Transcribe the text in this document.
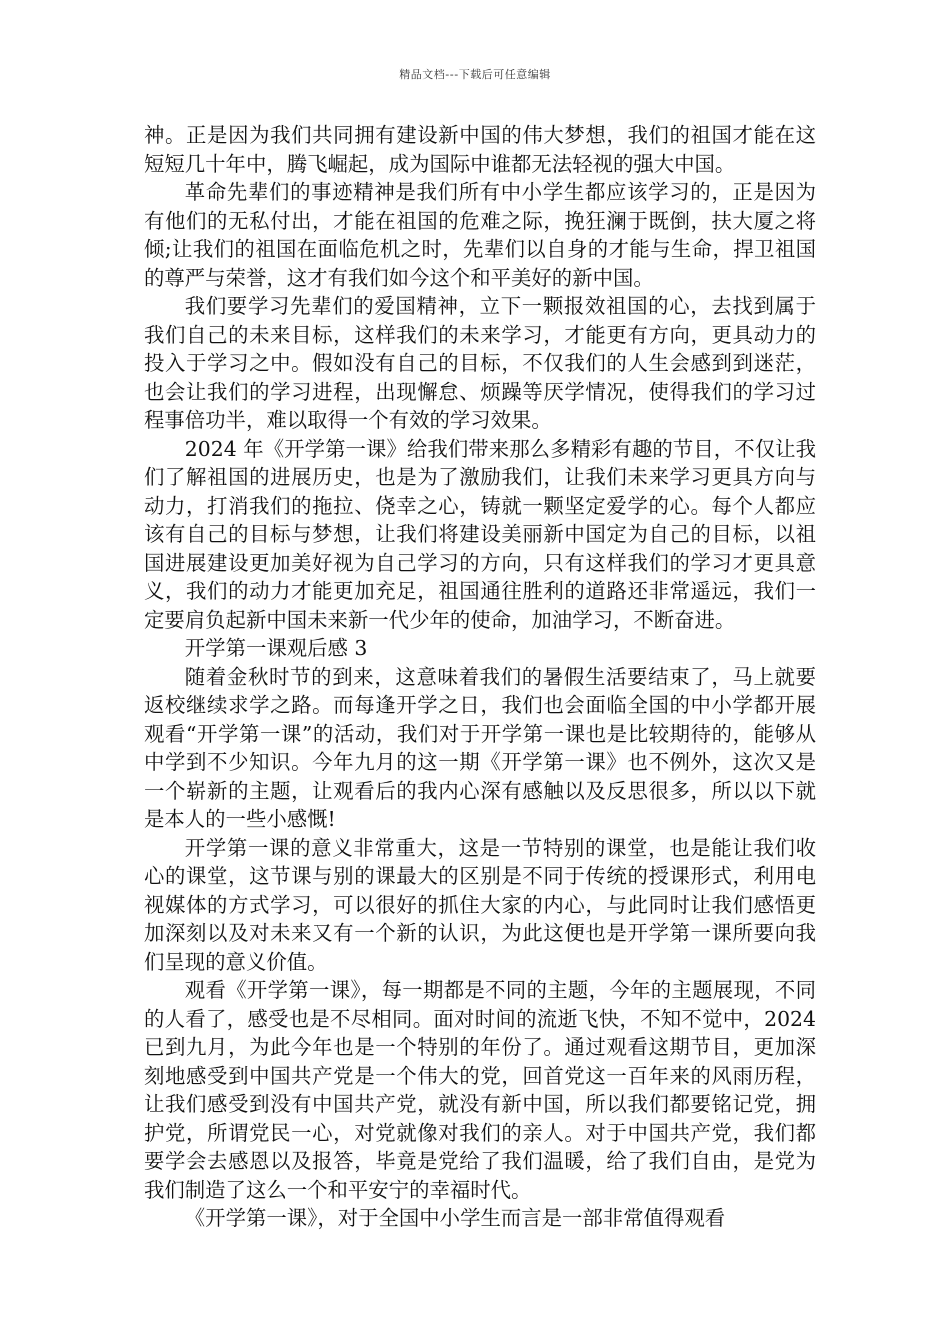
精品文档---下载后可任意编辑

神。正是因为我们共同拥有建设新中国的伟大梦想，我们的祖国才能在这短短几十年中，腾飞崛起，成为国际中谁都无法轻视的强大中国。

革命先辈们的事迹精神是我们所有中小学生都应该学习的，正是因为有他们的无私付出，才能在祖国的危难之际，挽狂澜于既倒，扶大厦之将倾;让我们的祖国在面临危机之时，先辈们以自身的才能与生命，捍卫祖国的尊严与荣誉，这才有我们如今这个和平美好的新中国。

我们要学习先辈们的爱国精神，立下一颗报效祖国的心，去找到属于我们自己的未来目标，这样我们的未来学习，才能更有方向，更具动力的投入于学习之中。假如没有自己的目标，不仅我们的人生会感到到迷茫，也会让我们的学习进程，出现懈怠、烦躁等厌学情况，使得我们的学习过程事倍功半，难以取得一个有效的学习效果。

2024 年《开学第一课》给我们带来那么多精彩有趣的节目，不仅让我们了解祖国的进展历史，也是为了激励我们，让我们未来学习更具方向与动力，打消我们的拖拉、侥幸之心，铸就一颗坚定爱学的心。每个人都应该有自己的目标与梦想，让我们将建设美丽新中国定为自己的目标，以祖国进展建设更加美好视为自己学习的方向，只有这样我们的学习才更具意义，我们的动力才能更加充足，祖国通往胜利的道路还非常遥远，我们一定要肩负起新中国未来新一代少年的使命，加油学习，不断奋进。

开学第一课观后感 3

随着金秋时节的到来，这意味着我们的暑假生活要结束了，马上就要返校继续求学之路。而每逢开学之日，我们也会面临全国的中小学都开展观看“开学第一课”的活动，我们对于开学第一课也是比较期待的，能够从中学到不少知识。今年九月的这一期《开学第一课》也不例外，这次又是一个崭新的主题，让观看后的我内心深有感触以及反思很多，所以以下就是本人的一些小感慨!

开学第一课的意义非常重大，这是一节特别的课堂，也是能让我们收心的课堂，这节课与别的课最大的区别是不同于传统的授课形式，利用电视媒体的方式学习，可以很好的抓住大家的内心，与此同时让我们感悟更加深刻以及对未来又有一个新的认识，为此这便也是开学第一课所要向我们呈现的意义价值。

观看《开学第一课》，每一期都是不同的主题，今年的主题展现，不同的人看了，感受也是不尽相同。面对时间的流逝飞快，不知不觉中，2024 已到九月，为此今年也是一个特别的年份了。通过观看这期节目，更加深刻地感受到中国共产党是一个伟大的党，回首党这一百年来的风雨历程，让我们感受到没有中国共产党，就没有新中国，所以我们都要铭记党，拥护党，所谓党民一心，对党就像对我们的亲人。对于中国共产党，我们都要学会去感恩以及报答，毕竟是党给了我们温暖，给了我们自由，是党为我们制造了这么一个和平安宁的幸福时代。

《开学第一课》，对于全国中小学生而言是一部非常值得观看
